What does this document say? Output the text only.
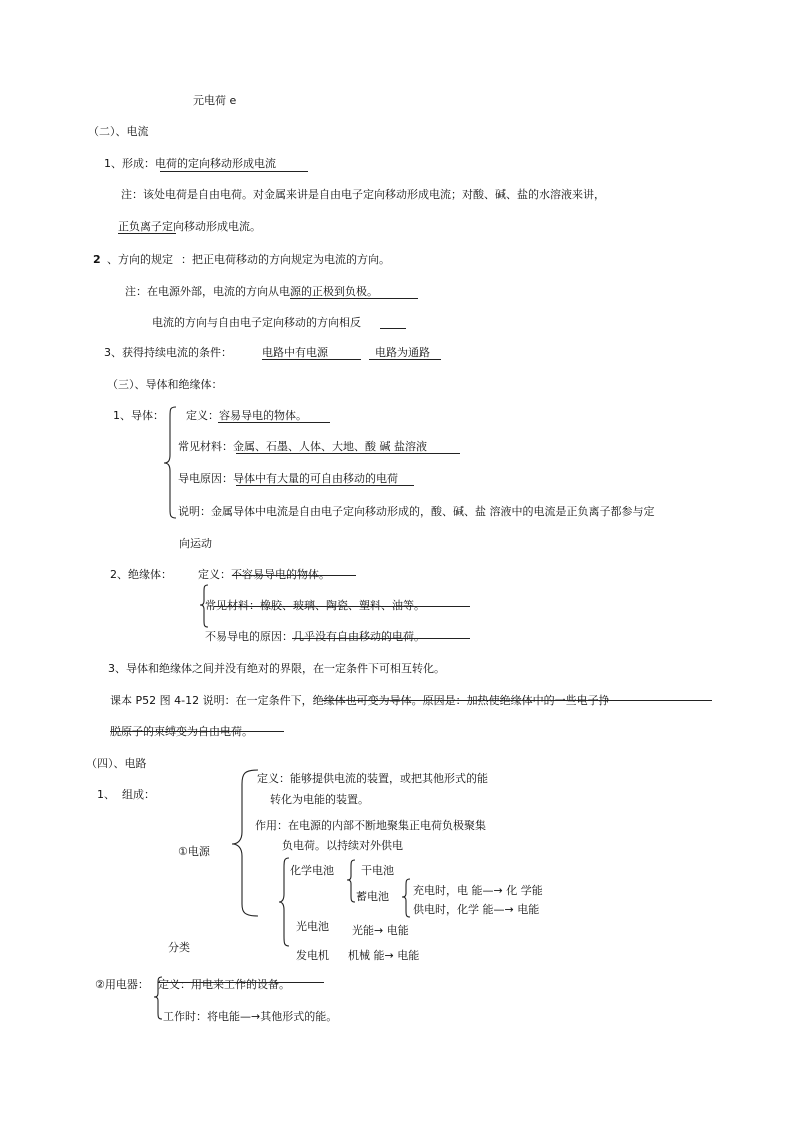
元电荷 e
（二）、电流
1、形成： 电荷的定向移动形成电流
注：该处电荷是自由电荷。对金属来讲是自由电子定向移动形成电流；对酸、碱、盐的水溶液来讲，
正负离子定向移动形成电流。
2 、方向的规定 ：把正电荷移动的方向规定为电流的方向。
注：在电源外部，电流的方向从电源的正极到负极。
电流的方向与自由电子定向移动的方向相反
3、获得持续电流的条件：	电路中有电源	电路为通路
（三）、导体和绝缘体：
1、导体： 定义：容易导电的物体。
常见材料：金属、石墨、人体、大地、酸 碱 盐溶液
导电原因：导体中有大量的可自由移动的电荷
说明：金属导体中电流是自由电子定向移动形成的，酸、碱、盐 溶液中的电流是正负离子都参与定
向运动
2、绝缘体： 定义：不容易导电的物体。
常见材料：橡胶、玻璃、陶瓷、塑料、油等。
不易导电的原因：几乎没有自由移动的电荷。
3、导体和绝缘体之间并没有绝对的界限，在一定条件下可相互转化。
课本 P52 图 4-12 说明：在一定条件下，绝缘体也可变为导体。原因是：加热使绝缘体中的一些电子挣
脱原子的束缚变为自由电荷。
（四）、电路
1、 组成：
①电源
定义：能够提供电流的装置，或把其他形式的能
转化为电能的装置。
作用：在电源的内部不断地聚集正电荷负极聚集
负电荷。以持续对外供电
分类
化学电池 干电池
蓄电池 充电时，电 能—→ 化 学能
供电时，化学 能—→ 电能
光电池 光能→ 电能
发电机 机械 能→ 电能
②用电器： 定义：用电来工作的设备。
工作时：将电能—→其他形式的能。
